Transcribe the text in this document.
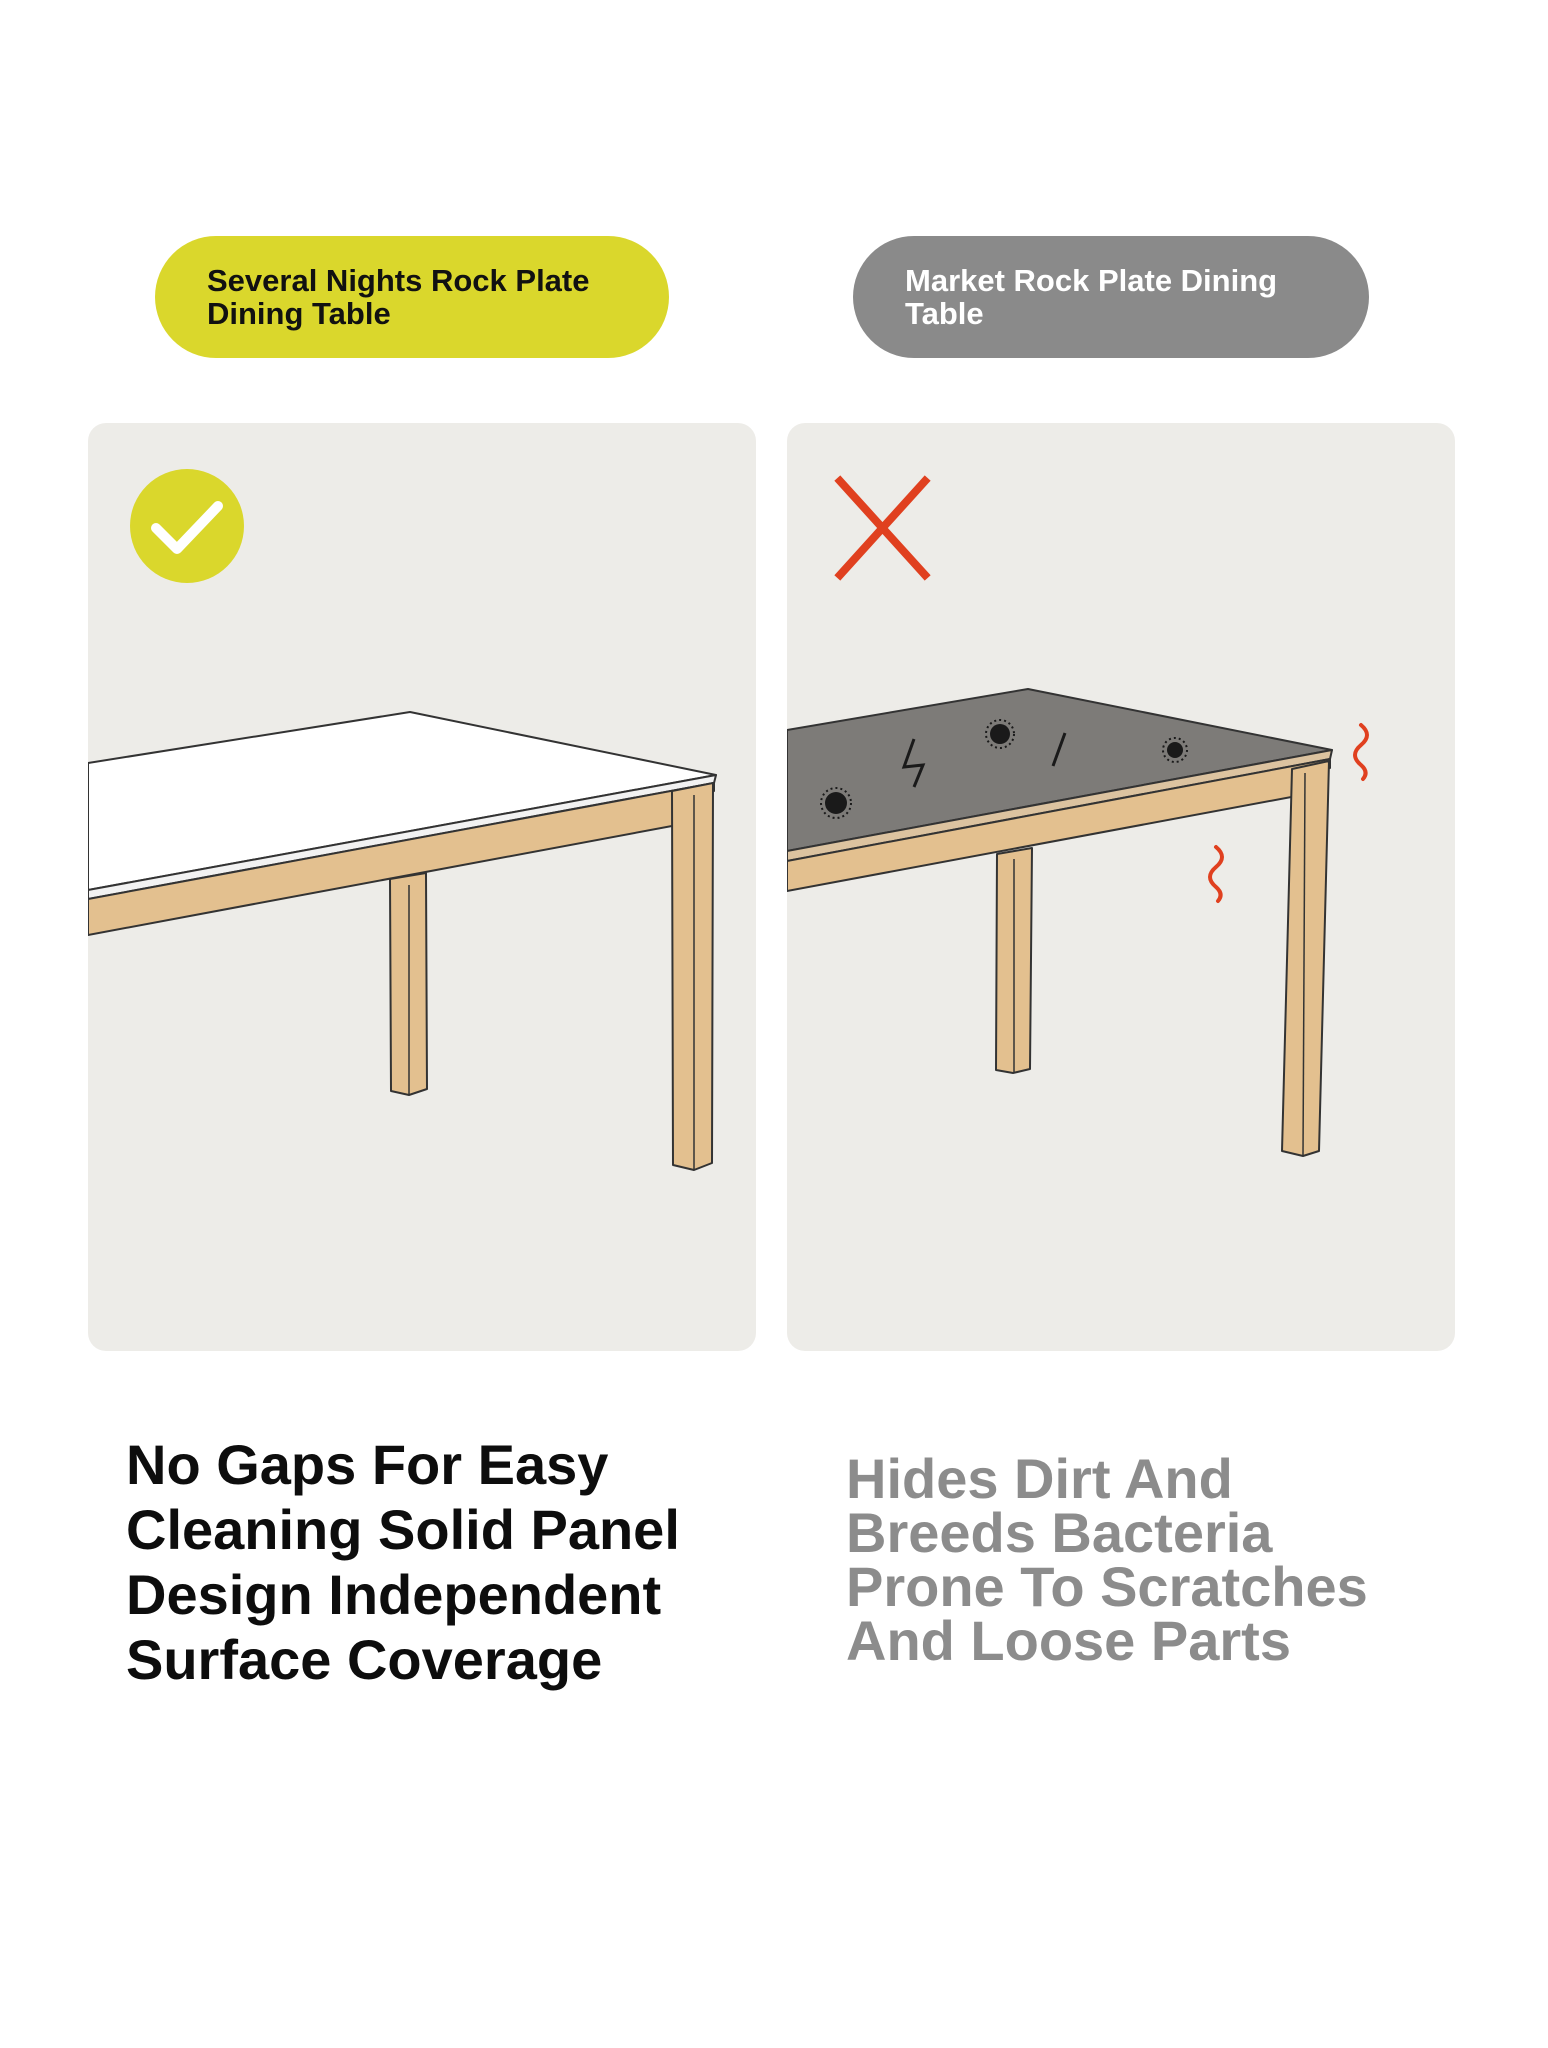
Several Nights Rock Plate
Dining Table
Market Rock Plate Dining
Table
No Gaps For Easy
Cleaning Solid Panel
Design Independent
Surface Coverage
Hides Dirt And
Breeds Bacteria
Prone To Scratches
And Loose Parts
